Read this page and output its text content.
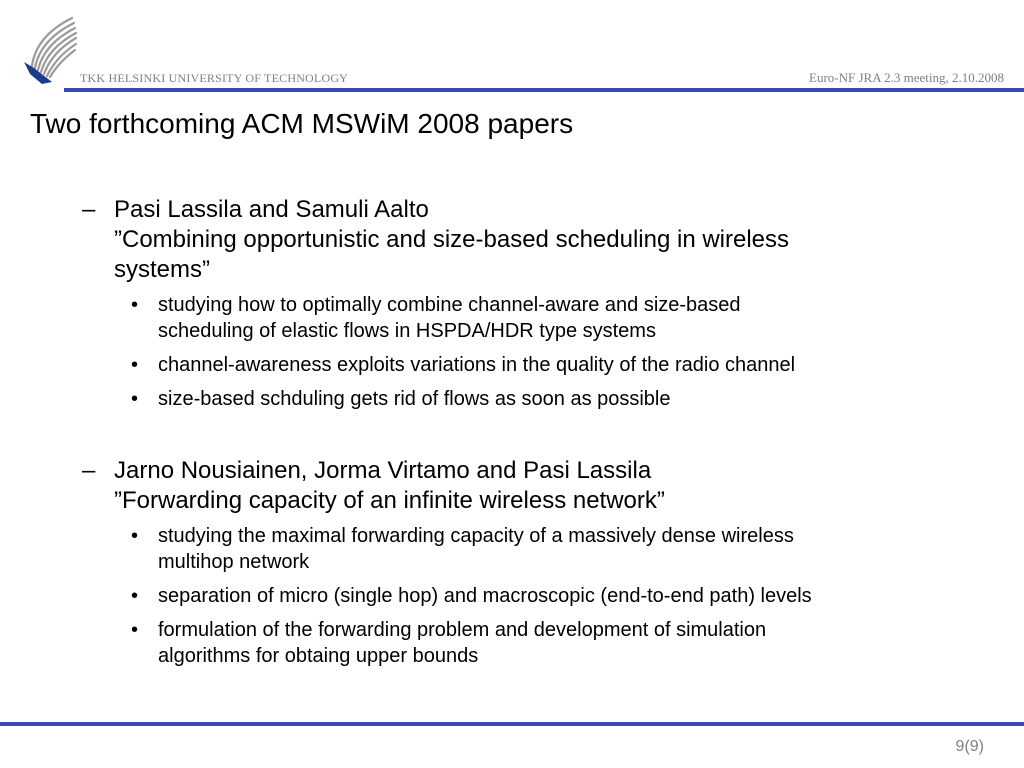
TKK HELSINKI UNIVERSITY OF TECHNOLOGY	Euro-NF JRA 2.3 meeting, 2.10.2008
Two forthcoming ACM MSWiM 2008 papers
– Pasi Lassila and Samuli Aalto
”Combining opportunistic and size-based scheduling in wireless
systems”
• studying how to optimally combine channel-aware and size-based
scheduling of elastic flows in HSPDA/HDR type systems
• channel-awareness exploits variations in the quality of the radio channel
• size-based schduling gets rid of flows as soon as possible
– Jarno Nousiainen, Jorma Virtamo and Pasi Lassila
”Forwarding capacity of an infinite wireless network”
• studying the maximal forwarding capacity of a massively dense wireless
multihop network
• separation of micro (single hop) and macroscopic (end-to-end path) levels
• formulation of the forwarding problem and development of simulation
algorithms for obtaing upper bounds
9(9)
